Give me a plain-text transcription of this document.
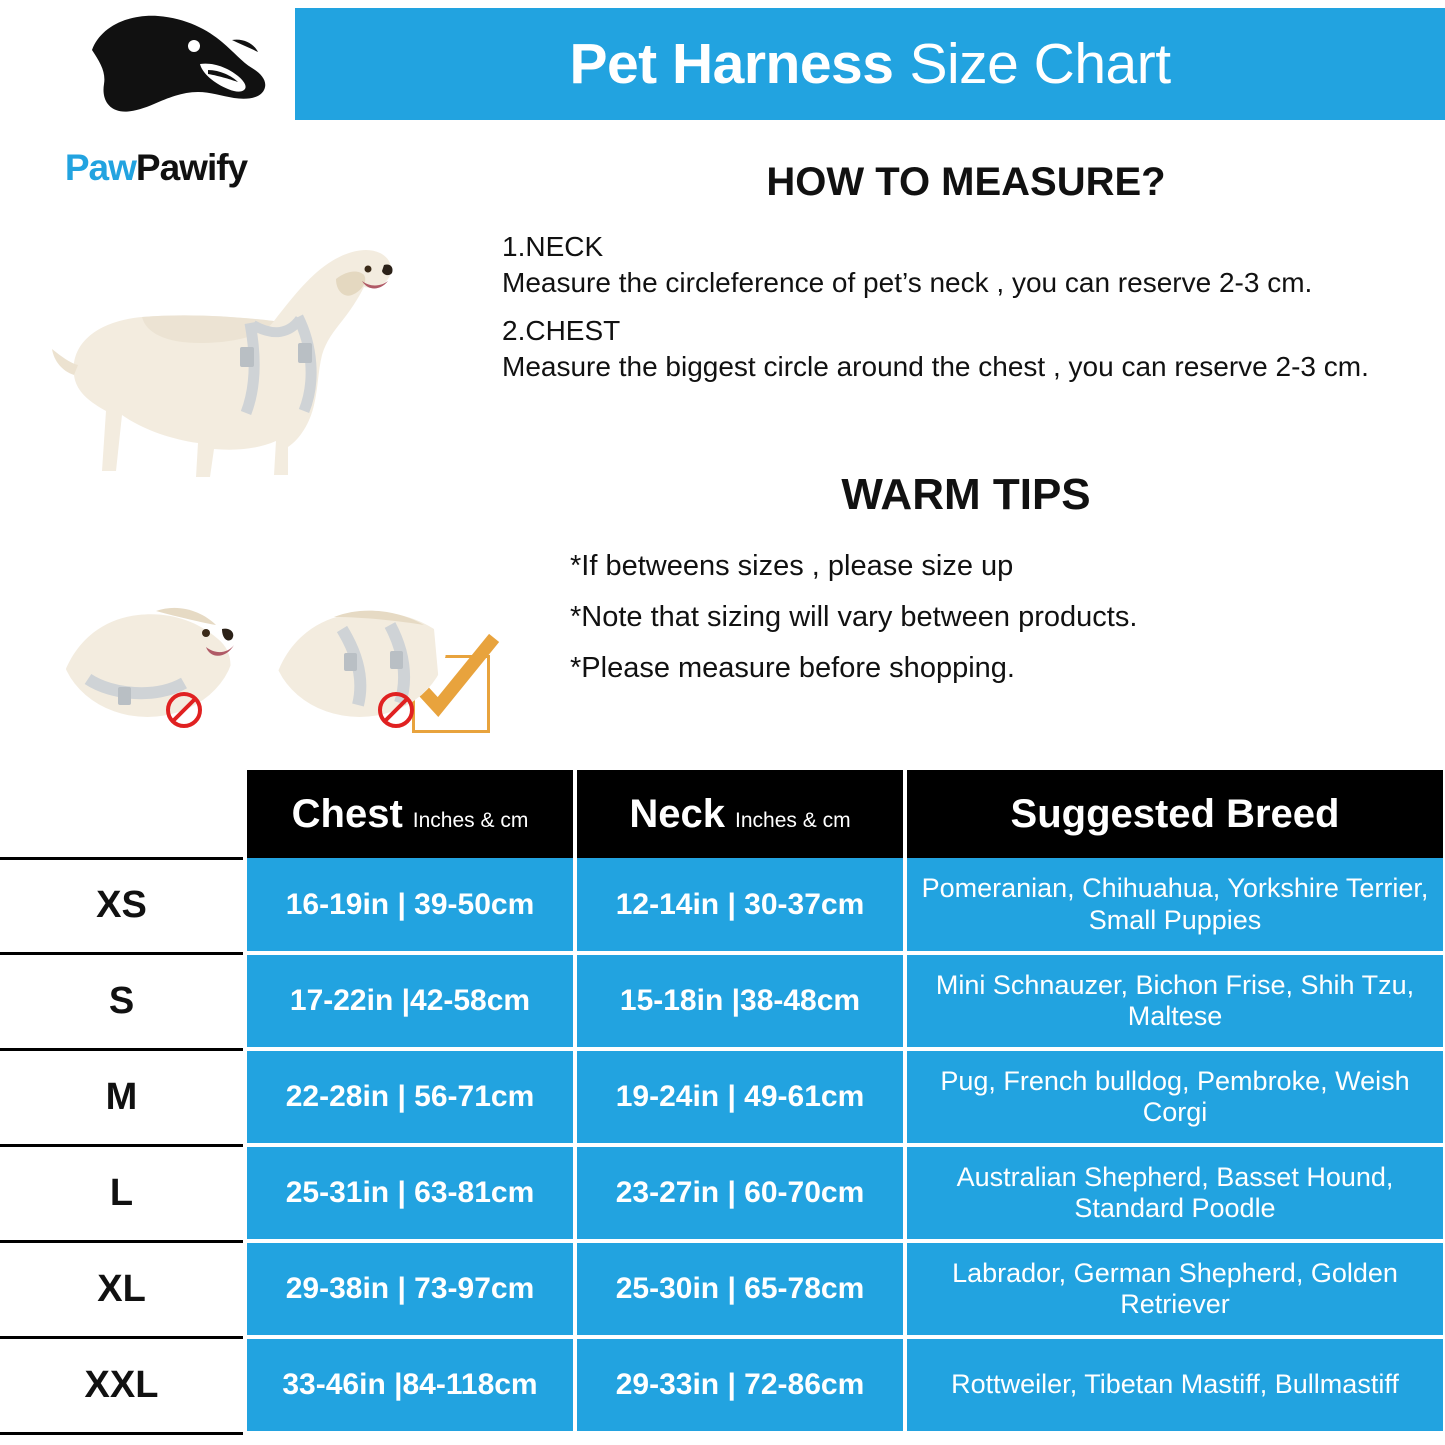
Pet Harness Size Chart
PawPawify	HOW TO MEASURE?

1.NECK

Measure the circleference of pet’s neck , you can reserve 2-3 cm.

2.CHEST

Measure the biggest circle around the chest , you can reserve 2-3 cm.

WARM TIPS

*If betweens sizes , please size up

*Note that sizing will vary between products.

*Please measure before shopping.

	Chest Inches & cm	Neck Inches & cm	Suggested Breed
XS	16-19in | 39-50cm	12-14in | 30-37cm	Pomeranian, Chihuahua, Yorkshire Terrier, Small Puppies
S	17-22in |42-58cm	15-18in |38-48cm	Mini Schnauzer, Bichon Frise, Shih Tzu, Maltese
M	22-28in | 56-71cm	19-24in | 49-61cm	Pug, French bulldog, Pembroke, Weish Corgi
L	25-31in | 63-81cm	23-27in | 60-70cm	Australian Shepherd, Basset Hound, Standard Poodle
XL	29-38in | 73-97cm	25-30in | 65-78cm	Labrador, German Shepherd, Golden Retriever
XXL	33-46in |84-118cm	29-33in | 72-86cm	Rottweiler, Tibetan Mastiff, Bullmastiff
